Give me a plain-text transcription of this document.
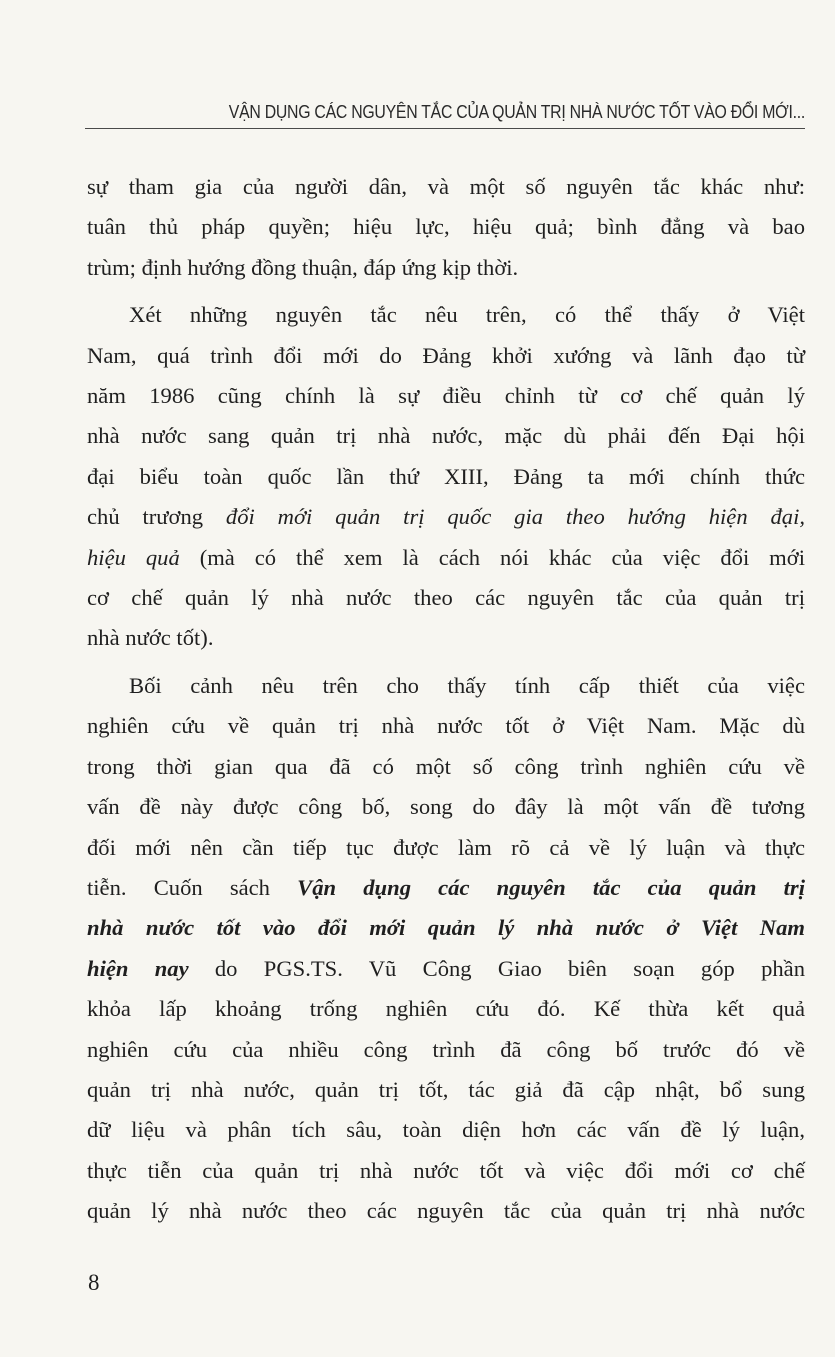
VẬN DỤNG CÁC NGUYÊN TẮC CỦA QUẢN TRỊ NHÀ NƯỚC TỐT VÀO ĐỔI MỚI...
sự tham gia của người dân, và một số nguyên tắc khác như:
tuân thủ pháp quyền; hiệu lực, hiệu quả; bình đẳng và bao
trùm; định hướng đồng thuận, đáp ứng kịp thời.
Xét những nguyên tắc nêu trên, có thể thấy ở Việt
Nam, quá trình đổi mới do Đảng khởi xướng và lãnh đạo từ
năm 1986 cũng chính là sự điều chỉnh từ cơ chế quản lý
nhà nước sang quản trị nhà nước, mặc dù phải đến Đại hội
đại biểu toàn quốc lần thứ XIII, Đảng ta mới chính thức
chủ trương đổi mới quản trị quốc gia theo hướng hiện đại,
hiệu quả (mà có thể xem là cách nói khác của việc đổi mới
cơ chế quản lý nhà nước theo các nguyên tắc của quản trị
nhà nước tốt).
Bối cảnh nêu trên cho thấy tính cấp thiết của việc
nghiên cứu về quản trị nhà nước tốt ở Việt Nam. Mặc dù
trong thời gian qua đã có một số công trình nghiên cứu về
vấn đề này được công bố, song do đây là một vấn đề tương
đối mới nên cần tiếp tục được làm rõ cả về lý luận và thực
tiễn. Cuốn sách Vận dụng các nguyên tắc của quản trị
nhà nước tốt vào đổi mới quản lý nhà nước ở Việt Nam
hiện nay do PGS.TS. Vũ Công Giao biên soạn góp phần
khỏa lấp khoảng trống nghiên cứu đó. Kế thừa kết quả
nghiên cứu của nhiều công trình đã công bố trước đó về
quản trị nhà nước, quản trị tốt, tác giả đã cập nhật, bổ sung
dữ liệu và phân tích sâu, toàn diện hơn các vấn đề lý luận,
thực tiễn của quản trị nhà nước tốt và việc đổi mới cơ chế
quản lý nhà nước theo các nguyên tắc của quản trị nhà nước
8
